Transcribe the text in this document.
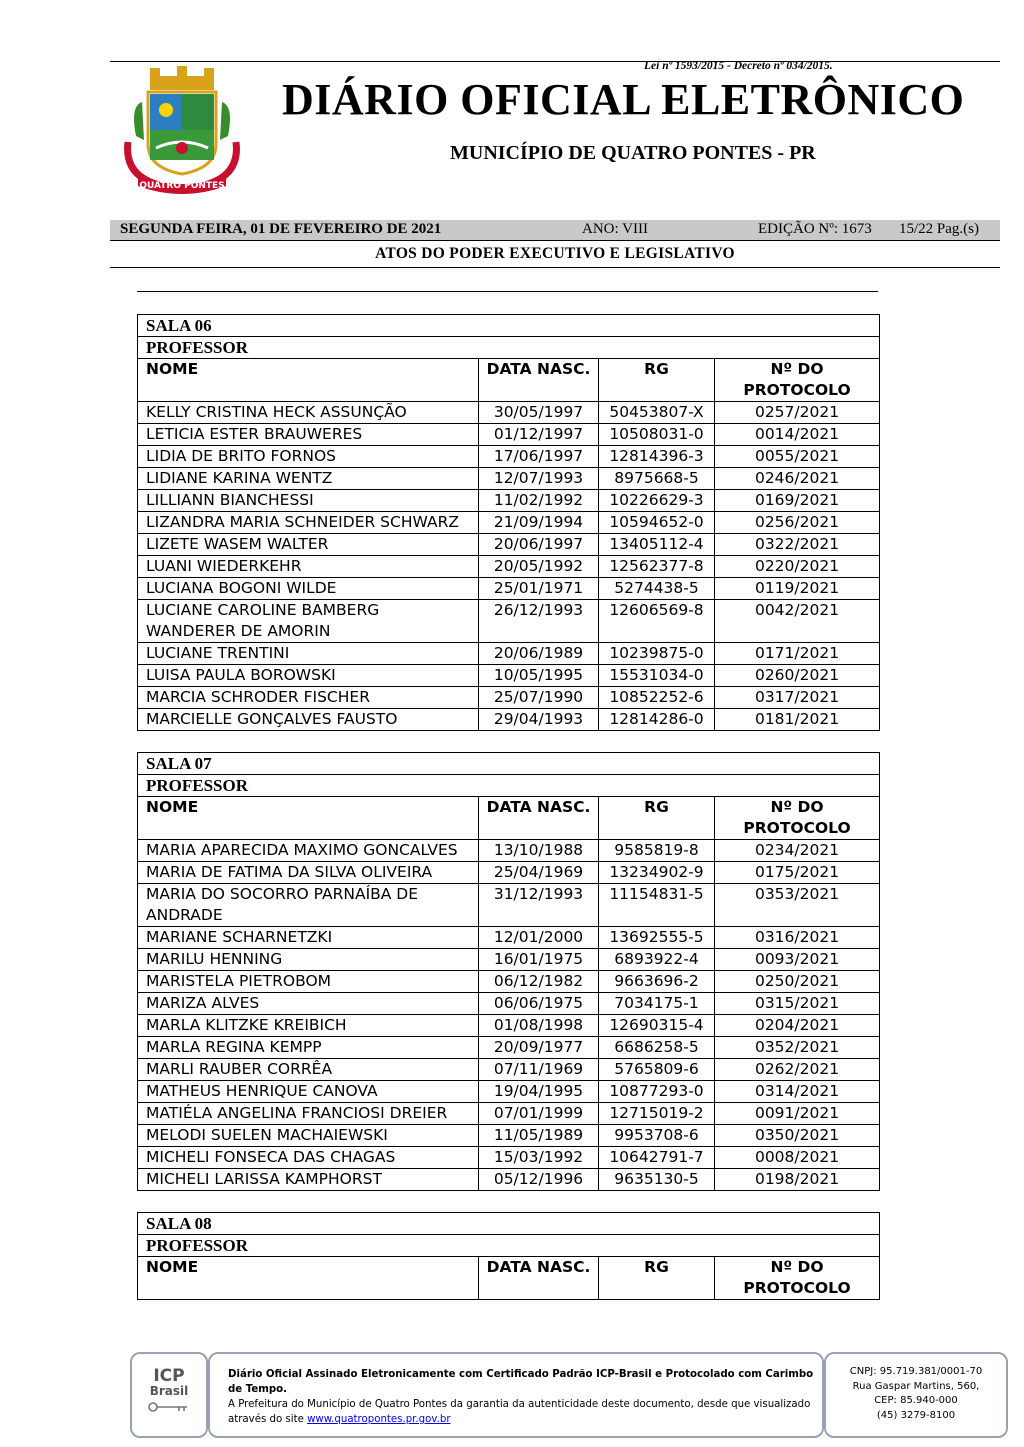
Lei nº 1593/2015 - Decreto nº 034/2015.
QUATRO PONTES
DIÁRIO OFICIAL ELETRÔNICO
MUNICÍPIO DE QUATRO PONTES - PR
SEGUNDA FEIRA, 01 DE FEVEREIRO DE 2021	ANO: VIII	EDIÇÃO Nº: 1673 15/22 Pag.(s)
ATOS DO PODER EXECUTIVO E LEGISLATIVO
SALA 06			
PROFESSOR			
NOME	DATA NASC.	RG	Nº DO
PROTOCOLO

KELLY CRISTINA HECK ASSUNÇÃO	30/05/1997	50453807-X	0257/2021

LETICIA ESTER BRAUWERES	01/12/1997	10508031-0	0014/2021

LIDIA DE BRITO FORNOS	17/06/1997	12814396-3	0055/2021

LIDIANE KARINA WENTZ	12/07/1993	8975668-5	0246/2021

LILLIANN BIANCHESSI	11/02/1992	10226629-3	0169/2021

LIZANDRA MARIA SCHNEIDER SCHWARZ	21/09/1994	10594652-0	0256/2021

LIZETE WASEM WALTER	20/06/1997	13405112-4	0322/2021

LUANI WIEDERKEHR	20/05/1992	12562377-8	0220/2021

LUCIANA BOGONI WILDE	25/01/1971	5274438-5	0119/2021

LUCIANE CAROLINE BAMBERG
WANDERER DE AMORIN	26/12/1993	12606569-8	0042/2021

LUCIANE TRENTINI	20/06/1989	10239875-0	0171/2021

LUISA PAULA BOROWSKI	10/05/1995	15531034-0	0260/2021

MARCIA SCHRODER FISCHER	25/07/1990	10852252-6	0317/2021

MARCIELLE GONÇALVES FAUSTO	29/04/1993	12814286-0	0181/2021
SALA 07			
PROFESSOR			
NOME	DATA NASC.	RG	Nº DO
PROTOCOLO

MARIA APARECIDA MAXIMO GONCALVES	13/10/1988	9585819-8	0234/2021

MARIA DE FATIMA DA SILVA OLIVEIRA	25/04/1969	13234902-9	0175/2021

MARIA DO SOCORRO PARNAÍBA DE
ANDRADE	31/12/1993	11154831-5	0353/2021

MARIANE SCHARNETZKI	12/01/2000	13692555-5	0316/2021

MARILU HENNING	16/01/1975	6893922-4	0093/2021

MARISTELA PIETROBOM	06/12/1982	9663696-2	0250/2021

MARIZA ALVES	06/06/1975	7034175-1	0315/2021

MARLA KLITZKE KREIBICH	01/08/1998	12690315-4	0204/2021

MARLA REGINA KEMPP	20/09/1977	6686258-5	0352/2021

MARLI RAUBER CORRÊA	07/11/1969	5765809-6	0262/2021

MATHEUS HENRIQUE CANOVA	19/04/1995	10877293-0	0314/2021

MATIÉLA ANGELINA FRANCIOSI DREIER	07/01/1999	12715019-2	0091/2021

MELODI SUELEN MACHAIEWSKI	11/05/1989	9953708-6	0350/2021

MICHELI FONSECA DAS CHAGAS	15/03/1992	10642791-7	0008/2021

MICHELI LARISSA KAMPHORST	05/12/1996	9635130-5	0198/2021
SALA 08
PROFESSOR
NOME	DATA NASC.	RG	Nº DO
PROTOCOLO
ICP
Brasil
Diário Oficial Assinado Eletronicamente com Certificado Padrão ICP-Brasil e Protocolado com Carimbo de Tempo.
A Prefeitura do Município de Quatro Pontes da garantia da autenticidade deste documento, desde que visualizado
através do site www.quatropontes.pr.gov.br
CNPJ: 95.719.381/0001-70
Rua Gaspar Martins, 560,
CEP: 85.940-000
(45) 3279-8100
